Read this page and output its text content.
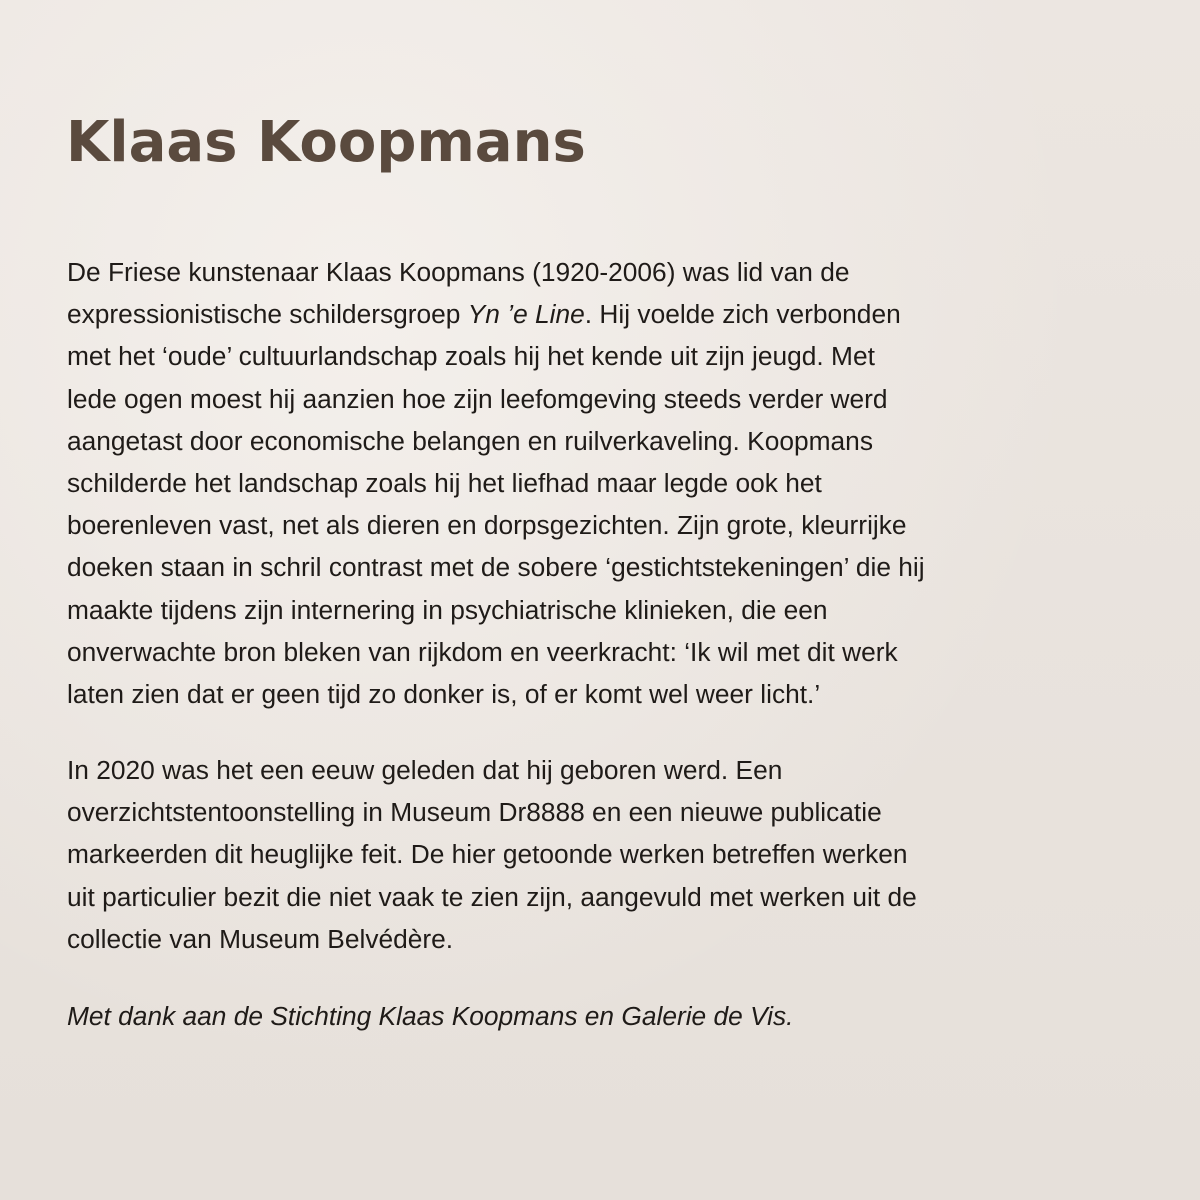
Klaas Koopmans

De Friese kunstenaar Klaas Koopmans (1920-2006) was lid van de
expressionistische schildersgroep Yn ’e Line. Hij voelde zich verbonden
met het ‘oude’ cultuurlandschap zoals hij het kende uit zijn jeugd. Met
lede ogen moest hij aanzien hoe zijn leefomgeving steeds verder werd
aangetast door economische belangen en ruilverkaveling. Koopmans
schilderde het landschap zoals hij het liefhad maar legde ook het
boerenleven vast, net als dieren en dorpsgezichten. Zijn grote, kleurrijke
doeken staan in schril contrast met de sobere ‘gestichtstekeningen’ die hij
maakte tijdens zijn internering in psychiatrische klinieken, die een
onverwachte bron bleken van rijkdom en veerkracht: ‘Ik wil met dit werk
laten zien dat er geen tijd zo donker is, of er komt wel weer licht.’

In 2020 was het een eeuw geleden dat hij geboren werd. Een
overzichtstentoonstelling in Museum Dr8888 en een nieuwe publicatie
markeerden dit heuglijke feit. De hier getoonde werken betreffen werken
uit particulier bezit die niet vaak te zien zijn, aangevuld met werken uit de
collectie van Museum Belvédère.

Met dank aan de Stichting Klaas Koopmans en Galerie de Vis.
